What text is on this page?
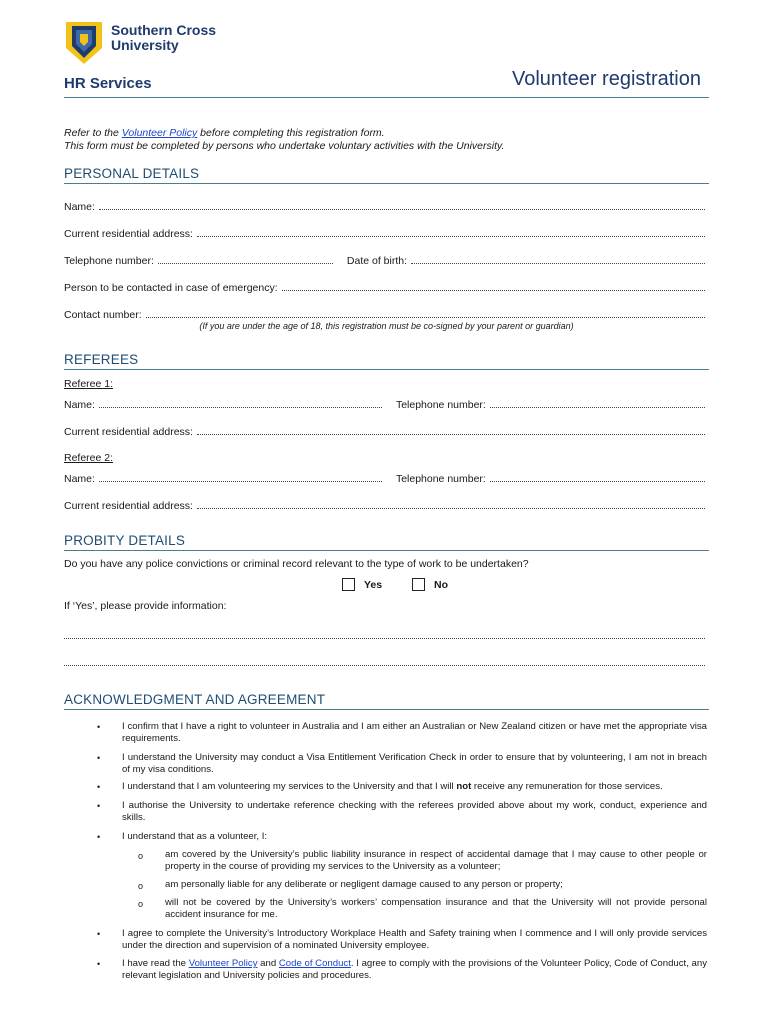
Southern Cross
University
HR Services	Volunteer registration
Refer to the Volunteer Policy before completing this registration form.
This form must be completed by persons who undertake voluntary activities with the University.
PERSONAL DETAILS
Name:
Current residential address:
Telephone number:	Date of birth:
Person to be contacted in case of emergency:
Contact number:
(If you are under the age of 18, this registration must be co-signed by your parent or guardian)
REFEREES
Referee 1:
Name:	Telephone number:
Current residential address:
Referee 2:
Name:	Telephone number:
Current residential address:
PROBITY DETAILS
Do you have any police convictions or criminal record relevant to the type of work to be undertaken?
Yes	No
If ‘Yes’, please provide information:
ACKNOWLEDGMENT AND AGREEMENT
• I confirm that I have a right to volunteer in Australia and I am either an Australian or New Zealand citizen or have met the appropriate visa requirements.
• I understand the University may conduct a Visa Entitlement Verification Check in order to ensure that by volunteering, I am not in breach of my visa conditions.
• I understand that I am volunteering my services to the University and that I will not receive any remuneration for those services.
• I authorise the University to undertake reference checking with the referees provided above about my work, conduct, experience and skills.
• I understand that as a volunteer, I:
o am covered by the University’s public liability insurance in respect of accidental damage that I may cause to other people or property in the course of providing my services to the University as a volunteer;
o am personally liable for any deliberate or negligent damage caused to any person or property;
o will not be covered by the University’s workers’ compensation insurance and that the University will not provide personal accident insurance for me.
• I agree to complete the University’s Introductory Workplace Health and Safety training when I commence and I will only provide services under the direction and supervision of a nominated University employee.
• I have read the Volunteer Policy and Code of Conduct. I agree to comply with the provisions of the Volunteer Policy, Code of Conduct, any relevant legislation and University policies and procedures.
